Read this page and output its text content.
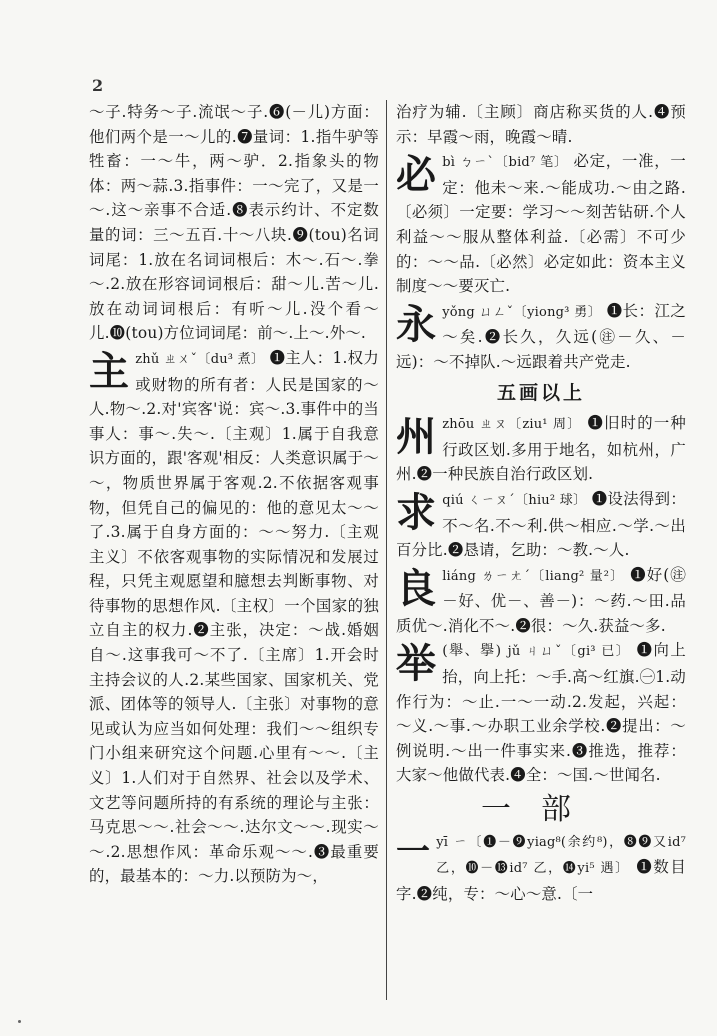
2

～子.特务～子.流氓～子.❻(－儿)方面：他们两个是一～儿的.❼量词：1.指牛驴等牲畜：一～牛，两～驴．2.指象头的物体：两～蒜.3.指事件：一～完了，又是一～.这～亲事不合适.❽表示约计、不定数量的词：三～五百.十～八块.❾(tou)名词词尾：1.放在名词词根后：木～.石～.拳～.2.放在形容词词根后：甜～儿.苦～儿.放在动词词根后：有听～儿.没个看～儿.❿(tou)方位词词尾：前～.上～.外～.

主 zhǔ ㄓㄨˇ〔du³ 煮〕 ❶主人：1.权力或财物的所有者：人民是国家的～人.物～.2.对'宾客'说：宾～.3.事件中的当事人：事～.失～.〔主观〕1.属于自我意识方面的，跟'客观'相反：人类意识属于～～，物质世界属于客观.2.不依据客观事物，但凭自己的偏见的：他的意见太～～了.3.属于自身方面的：～～努力.〔主观主义〕不依客观事物的实际情况和发展过程，只凭主观愿望和臆想去判断事物、对待事物的思想作风.〔主权〕一个国家的独立自主的权力.❷主张，决定：～战.婚姻自～.这事我可～不了.〔主席〕1.开会时主持会议的人.2.某些国家、国家机关、党派、团体等的领导人.〔主张〕对事物的意见或认为应当如何处理：我们～～组织专门小组来研究这个问题.心里有～～.〔主义〕1.人们对于自然界、社会以及学术、文艺等问题所持的有系统的理论与主张：马克思～～.社会～～.达尔文～～.现实～～.2.思想作风：革命乐观～～.❸最重要的，最基本的：～力.以预防为～，

治疗为辅.〔主顾〕商店称买货的人.❹预示：早霞～雨，晚霞～晴.

必 bì ㄅㄧˋ〔bid⁷ 笔〕 必定，一准，一定：他未～来.～能成功.～由之路.〔必须〕一定要：学习～～刻苦钻研.个人利益～～服从整体利益.〔必需〕不可少的：～～品.〔必然〕必定如此：资本主义制度～～要灭亡.
永 yǒng ㄩㄥˇ〔yiong³ 勇〕 ❶长：江之～矣.❷长久，久远(㊟－久、－远)：～不掉队.～远跟着共产党走.
五画以上
州 zhōu ㄓㄡ〔ziu¹ 周〕 ❶旧时的一种行政区划.多用于地名，如杭州，广州.❷一种民族自治行政区划.
求 qiú ㄑㄧㄡˊ〔hiu² 球〕 ❶设法得到：不～名.不～利.供～相应.～学.～出百分比.❷恳请，乞助：～教.～人.
良 liáng ㄌㄧㄤˊ〔liang² 量²〕 ❶好(㊟－好、优－、善－)：～药.～田.品质优～.消化不～.❷很：～久.获益～多.
举 (舉、擧) jǔ ㄐㄩˇ〔gi³ 已〕 ❶向上抬，向上托：～手.高～红旗.㊀1.动作行为：～止.一～一动.2.发起，兴起：～义.～事.～办职工业余学校.❷提出：～例说明.～出一件事实来.❸推选，推荐：大家～他做代表.❹全：～国.～世闻名.
一部
一 yī ㄧ〔❶－❾yiag⁸(余约⁸)，❽❾又id⁷ 乙，❿－⓭id⁷ 乙，⓮yi⁵ 遇〕 ❶数目字.❷纯，专：～心～意.〔一
